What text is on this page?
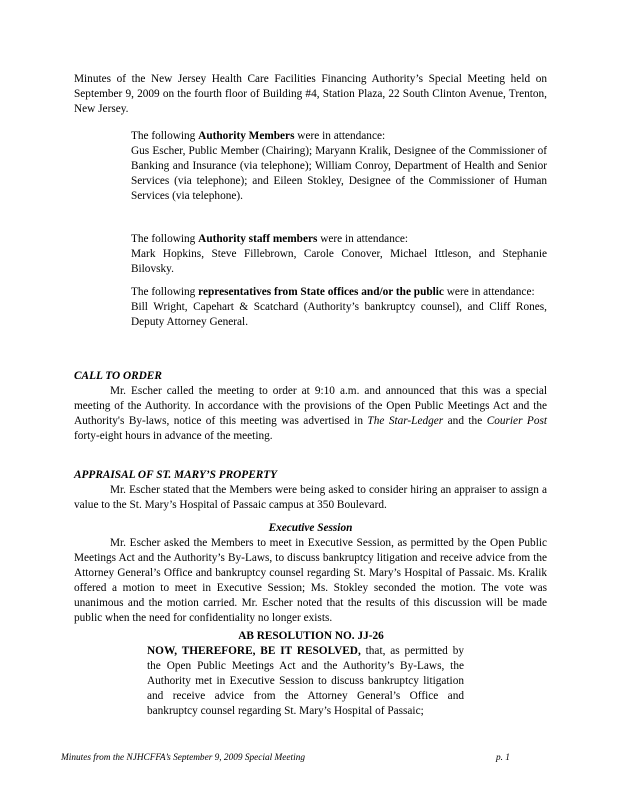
Minutes of the New Jersey Health Care Facilities Financing Authority’s Special Meeting held on September 9, 2009 on the fourth floor of Building #4, Station Plaza, 22 South Clinton Avenue, Trenton, New Jersey.

The following Authority Members were in attendance:

Gus Escher, Public Member (Chairing); Maryann Kralik, Designee of the Commissioner of Banking and Insurance (via telephone); William Conroy, Department of Health and Senior Services (via telephone); and Eileen Stokley, Designee of the Commissioner of Human Services (via telephone).

The following Authority staff members were in attendance:

Mark Hopkins, Steve Fillebrown, Carole Conover, Michael Ittleson, and Stephanie Bilovsky.

The following representatives from State offices and/or the public were in attendance:

Bill Wright, Capehart & Scatchard (Authority’s bankruptcy counsel), and Cliff Rones, Deputy Attorney General.

CALL TO ORDER

Mr. Escher called the meeting to order at 9:10 a.m. and announced that this was a special meeting of the Authority. In accordance with the provisions of the Open Public Meetings Act and the Authority's By-laws, notice of this meeting was advertised in The Star-Ledger and the Courier Post forty-eight hours in advance of the meeting.

APPRAISAL OF ST. MARY’S PROPERTY

Mr. Escher stated that the Members were being asked to consider hiring an appraiser to assign a value to the St. Mary’s Hospital of Passaic campus at 350 Boulevard.

Executive Session

Mr. Escher asked the Members to meet in Executive Session, as permitted by the Open Public Meetings Act and the Authority’s By-Laws, to discuss bankruptcy litigation and receive advice from the Attorney General’s Office and bankruptcy counsel regarding St. Mary’s Hospital of Passaic. Ms. Kralik offered a motion to meet in Executive Session; Ms. Stokley seconded the motion. The vote was unanimous and the motion carried. Mr. Escher noted that the results of this discussion will be made public when the need for confidentiality no longer exists.

AB RESOLUTION NO. JJ-26

NOW, THEREFORE, BE IT RESOLVED, that, as permitted by the Open Public Meetings Act and the Authority’s By-Laws, the Authority met in Executive Session to discuss bankruptcy litigation and receive advice from the Attorney General’s Office and bankruptcy counsel regarding St. Mary’s Hospital of Passaic;

Minutes from the NJHCFFA’s September 9, 2009 Special Meeting	p. 1
